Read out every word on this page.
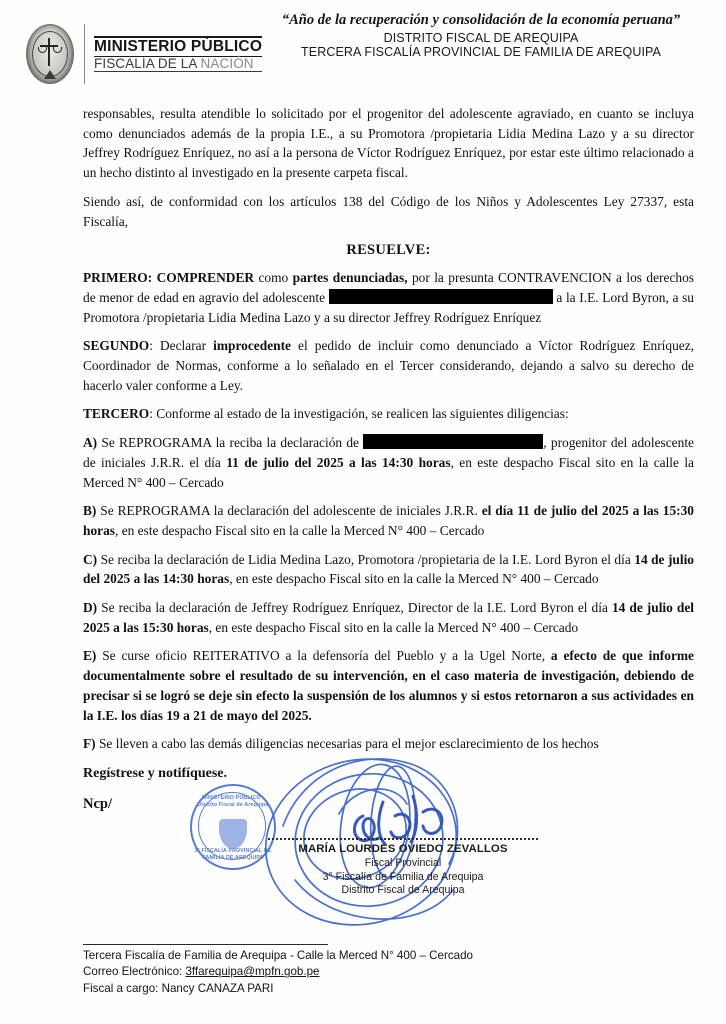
MINISTERIO PÚBLICO
FISCALÍA DE LA NACIÓN
“Año de la recuperación y consolidación de la economía peruana”
DISTRITO FISCAL DE AREQUIPA
TERCERA FISCALÍA PROVINCIAL DE FAMILIA DE AREQUIPA

responsables, resulta atendible lo solicitado por el progenitor del adolescente agraviado, en cuanto se incluya como denunciados además de la propia I.E., a su Promotora /propietaria Lidia Medina Lazo y a su director Jeffrey Rodríguez Enríquez, no así a la persona de Víctor Rodríguez Enríquez, por estar este último relacionado a un hecho distinto al investigado en la presente carpeta fiscal.

Siendo así, de conformidad con los artículos 138 del Código de los Niños y Adolescentes Ley 27337, esta Fiscalía,

RESUELVE:

PRIMERO: COMPRENDER como partes denunciadas, por la presunta CONTRAVENCION a los derechos de menor de edad en agravio del adolescente	a la I.E. Lord Byron, a su Promotora /propietaria Lidia Medina Lazo y a su director Jeffrey Rodríguez Enríquez

SEGUNDO: Declarar improcedente el pedido de incluir como denunciado a Víctor Rodríguez Enríquez, Coordinador de Normas, conforme a lo señalado en el Tercer considerando, dejando a salvo su derecho de hacerlo valer conforme a Ley.

TERCERO: Conforme al estado de la investigación, se realicen las siguientes diligencias:

A) Se REPROGRAMA la reciba la declaración de	, progenitor del adolescente de iniciales J.R.R. el día 11 de julio del 2025 a las 14:30 horas, en este despacho Fiscal sito en la calle la Merced N° 400 – Cercado

B) Se REPROGRAMA la declaración del adolescente de iniciales J.R.R. el día 11 de julio del 2025 a las 15:30 horas, en este despacho Fiscal sito en la calle la Merced N° 400 – Cercado

C) Se reciba la declaración de Lidia Medina Lazo, Promotora /propietaria de la I.E. Lord Byron el día 14 de julio del 2025 a las 14:30 horas, en este despacho Fiscal sito en la calle la Merced N° 400 – Cercado

D) Se reciba la declaración de Jeffrey Rodríguez Enríquez, Director de la I.E. Lord Byron el día 14 de julio del 2025 a las 15:30 horas, en este despacho Fiscal sito en la calle la Merced N° 400 – Cercado

E) Se curse oficio REITERATIVO a la defensoría del Pueblo y a la Ugel Norte, a efecto de que informe documentalmente sobre el resultado de su intervención, en el caso materia de investigación, debiendo de precisar si se logró se deje sin efecto la suspensión de los alumnos y si estos retornaron a sus actividades en la I.E. los días 19 a 21 de mayo del 2025.

F) Se lleven a cabo las demás diligencias necesarias para el mejor esclarecimiento de los hechos

Regístrese y notifíquese.

Ncp/	MINISTERIO PÚBLICO · Distrito Fiscal de Arequipa
3° FISCALÍA PROVINCIAL DE FAMILIA DE AREQUIPA
MARÍA LOURDES OVIEDO ZEVALLOS
Fiscal Provincial
3° Fiscalía de Familia de Arequipa
Distrito Fiscal de Arequipa
Tercera Fiscalía de Familia de Arequipa - Calle la Merced N° 400 – Cercado
Correo Electrónico: 3ffarequipa@mpfn.gob.pe
Fiscal a cargo: Nancy CANAZA PARI
